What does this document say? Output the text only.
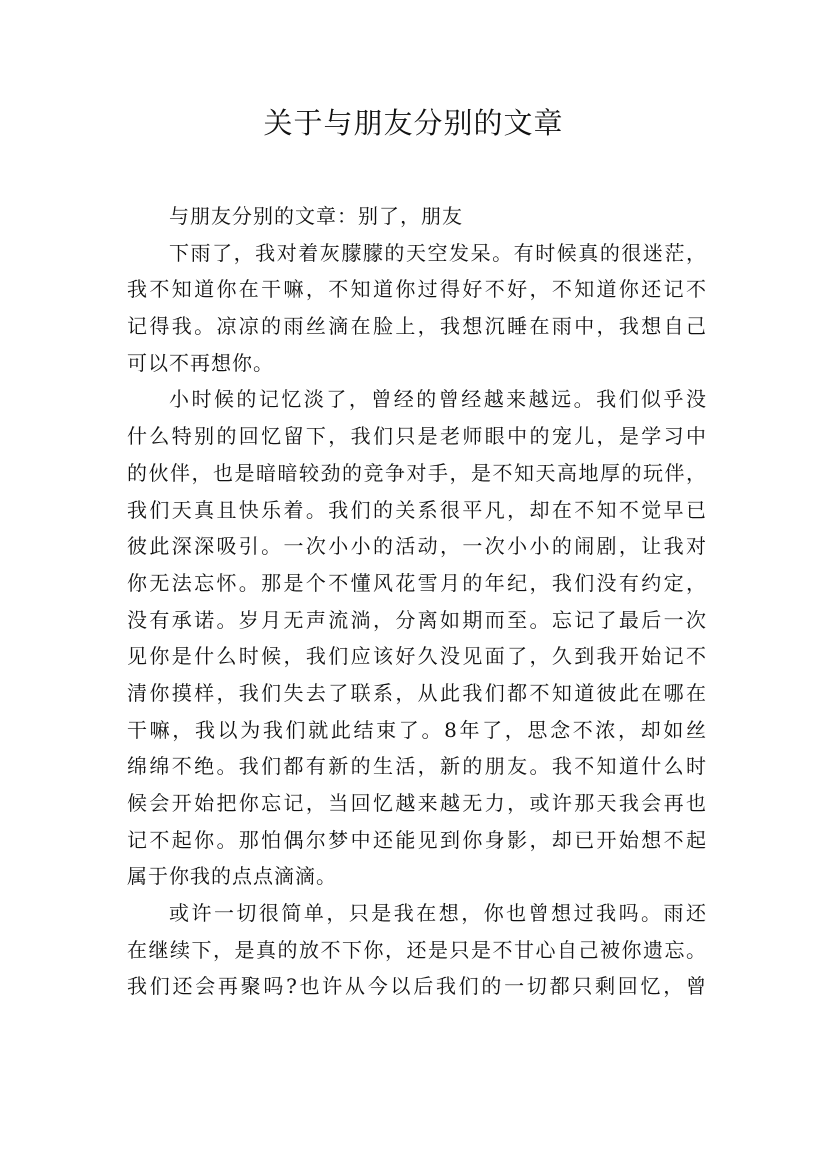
关于与朋友分别的文章
与朋友分别的文章：别了，朋友
下雨了，我对着灰朦朦的天空发呆。有时候真的很迷茫，
我不知道你在干嘛，不知道你过得好不好，不知道你还记不
记得我。凉凉的雨丝滴在脸上，我想沉睡在雨中，我想自己
可以不再想你。
小时候的记忆淡了，曾经的曾经越来越远。我们似乎没
什么特别的回忆留下，我们只是老师眼中的宠儿，是学习中
的伙伴，也是暗暗较劲的竞争对手，是不知天高地厚的玩伴，
我们天真且快乐着。我们的关系很平凡，却在不知不觉早已
彼此深深吸引。一次小小的活动，一次小小的闹剧，让我对
你无法忘怀。那是个不懂风花雪月的年纪，我们没有约定，
没有承诺。岁月无声流淌，分离如期而至。忘记了最后一次
见你是什么时候，我们应该好久没见面了，久到我开始记不
清你摸样，我们失去了联系，从此我们都不知道彼此在哪在
干嘛，我以为我们就此结束了。8年了，思念不浓，却如丝
绵绵不绝。我们都有新的生活，新的朋友。我不知道什么时
候会开始把你忘记，当回忆越来越无力，或许那天我会再也
记不起你。那怕偶尔梦中还能见到你身影，却已开始想不起
属于你我的点点滴滴。
或许一切很简单，只是我在想，你也曾想过我吗。雨还
在继续下，是真的放不下你，还是只是不甘心自己被你遗忘。
我们还会再聚吗?也许从今以后我们的一切都只剩回忆，曾
